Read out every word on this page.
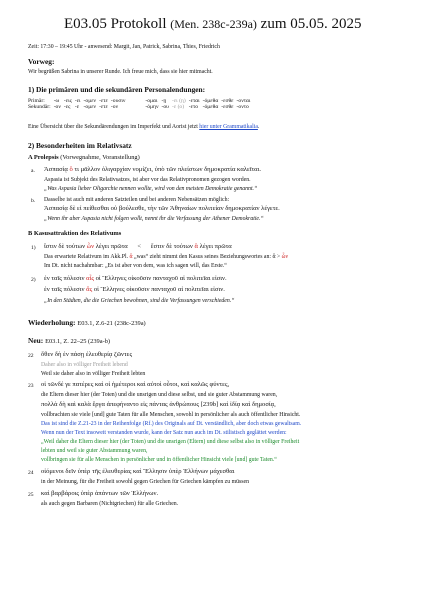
E03.05 Protokoll (Men. 238c-239a) zum 05.05. 2025
Zeit: 17:30 – 19:45 Uhr - anwesend: Margit, Jan, Patrick, Sabrina, Thies, Friedrich
Vorweg:
Wir begrüßen Sabrina in unserer Runde. Ich freue mich, dass sie hier mitmacht.
1) Die primären und die sekundären Personalendungen:
Primär:	-ω	-εις	-ει	-ομεν	-ετε	-ουσιν		-ομαι	-ῃ	-ει (ῃ)	-εται	-όμεθα	-εσθε	-ονται
Sekundär:	-ον	-ες	-ε	-ομεν	-ετε	-ον		-όμην	-ου	-ε (ο)	-ετο	-όμεθα	-εσθε	-οντο
Eine Übersicht über die Sekundärendungen im Imperfekt und Aorist jetzt hier unter Grammatikalia.
2) Besonderheiten im Relativsatz
A Prolepsis (Vorwegnahme, Voranstellung)
a. Ἀσπασίᾳ ὃ τι μᾶλλον ὀλιγαρχίαν νομίζει, ὑπὸ τῶν πλείστων δημοκρατία καλεῖται.
Aspasia ist Subjekt des Relativsatzes, ist aber vor das Relativpronomen gezogen worden.
„Was Aspasia lieber Oligarchie nennen wollte, wird von den meisten Demokratie genannt.“
b. Dasselbe ist auch mit anderen Satzteilen und bei anderen Nebensätzen möglich:
Ἀσπασίᾳ δὲ εἰ πείθεσθαι οὐ βούλεσθε, τὴν τῶν Ἀθηναίων πολιτείαν δημοκρατίαν λέγετε.
„Wenn ihr aber Aspasia nicht folgen wollt, nennt ihr die Verfassung der Athener Demokratie.“
B Kasusattraktion des Relativums
1) ἴστιν δὲ τούτων ὧν λέγει πρῶτα < ἔστιν δὲ τούτων ἃ λέγει πρῶτα
Das erwartete Relativum im Akk.Pl. ἃ „was“ zieht nimmt den Kasus seines Beziehungswortes an: ἃ > ὧν
Im Dt. nicht nachahmbar: „Es ist aber von dem, was ich sagen will, das Erste.“
2) ἐν ταῖς πόλεσιν αἷς οἱ Ἕλληνες οἰκοῦσιν πανταχοῦ αἱ πολιτεῖαι εἰσιν.
ἐν ταῖς πόλεσιν ἃς οἱ Ἕλληνες οἰκοῦσιν πανταχοῦ αἱ πολιτεῖαι εἰσιν.
„In den Städten, die die Griechen bewohnen, sind die Verfassungen verschieden.“
Wiederholung: E03.1, Z.6-21 (238c-239a)
Neu: E03.1, Z. 22–25 (239a-b)
22 ὅθεν δὴ ἐν πάσῃ ἐλευθερίᾳ ζῶντες
Daher also in völliger Freiheit lebend
Weil sie daher also in völliger Freiheit lebten
23 οἱ τῶνδέ γε πατέρες καὶ οἱ ἡμέτεροι καὶ αὐτοὶ οὗτοι, καὶ καλῶς φύντες,
die Eltern dieser hier (der Toten) und die unsrigen und diese selbst, und sie guter Abstammung waren,
πολλὰ δὴ καὶ καλὰ ἔργα ἀπεφήναντο εἰς πάντας ἀνθρώπους [239b] καὶ ἰδίᾳ καὶ δημοσίᾳ,
vollbrachten sie viele [und] gute Taten für alle Menschen, sowohl in persönlicher als auch öffentlicher Hinsicht.
Das ist sind die Z.21-23 in der Reihenfolge (Rf.) des Originals auf Dt. verständlich, aber doch etwas gewaltsam.
Wenn nun der Text insoweit verstanden wurde, kann der Satz nun auch im Dt. stilistisch geglättet werden:
„Weil daher die Eltern dieser hier (der Toten) und die unsrigen (Eltern) und diese selbst also in völliger Freiheit
lebten und weil sie guter Abstammung waren,
vollbringen sie für alle Menschen in persönlicher und in öffentlicher Hinsicht viele [und] gute Taten.“
24 οἰόμενοι δεῖν ὑπὲρ τῆς ἐλευθερίας καὶ Ἕλλησιν ὑπὲρ Ἑλλήνων μάχεσθαι
in der Meinung, für die Freiheit sowohl gegen Griechen für Griechen kämpfen zu müssen
25 καὶ βαρβάροις ὑπὲρ ἁπάντων τῶν Ἑλλήνων.
als auch gegen Barbaren (Nichtgriechen) für alle Griechen.
